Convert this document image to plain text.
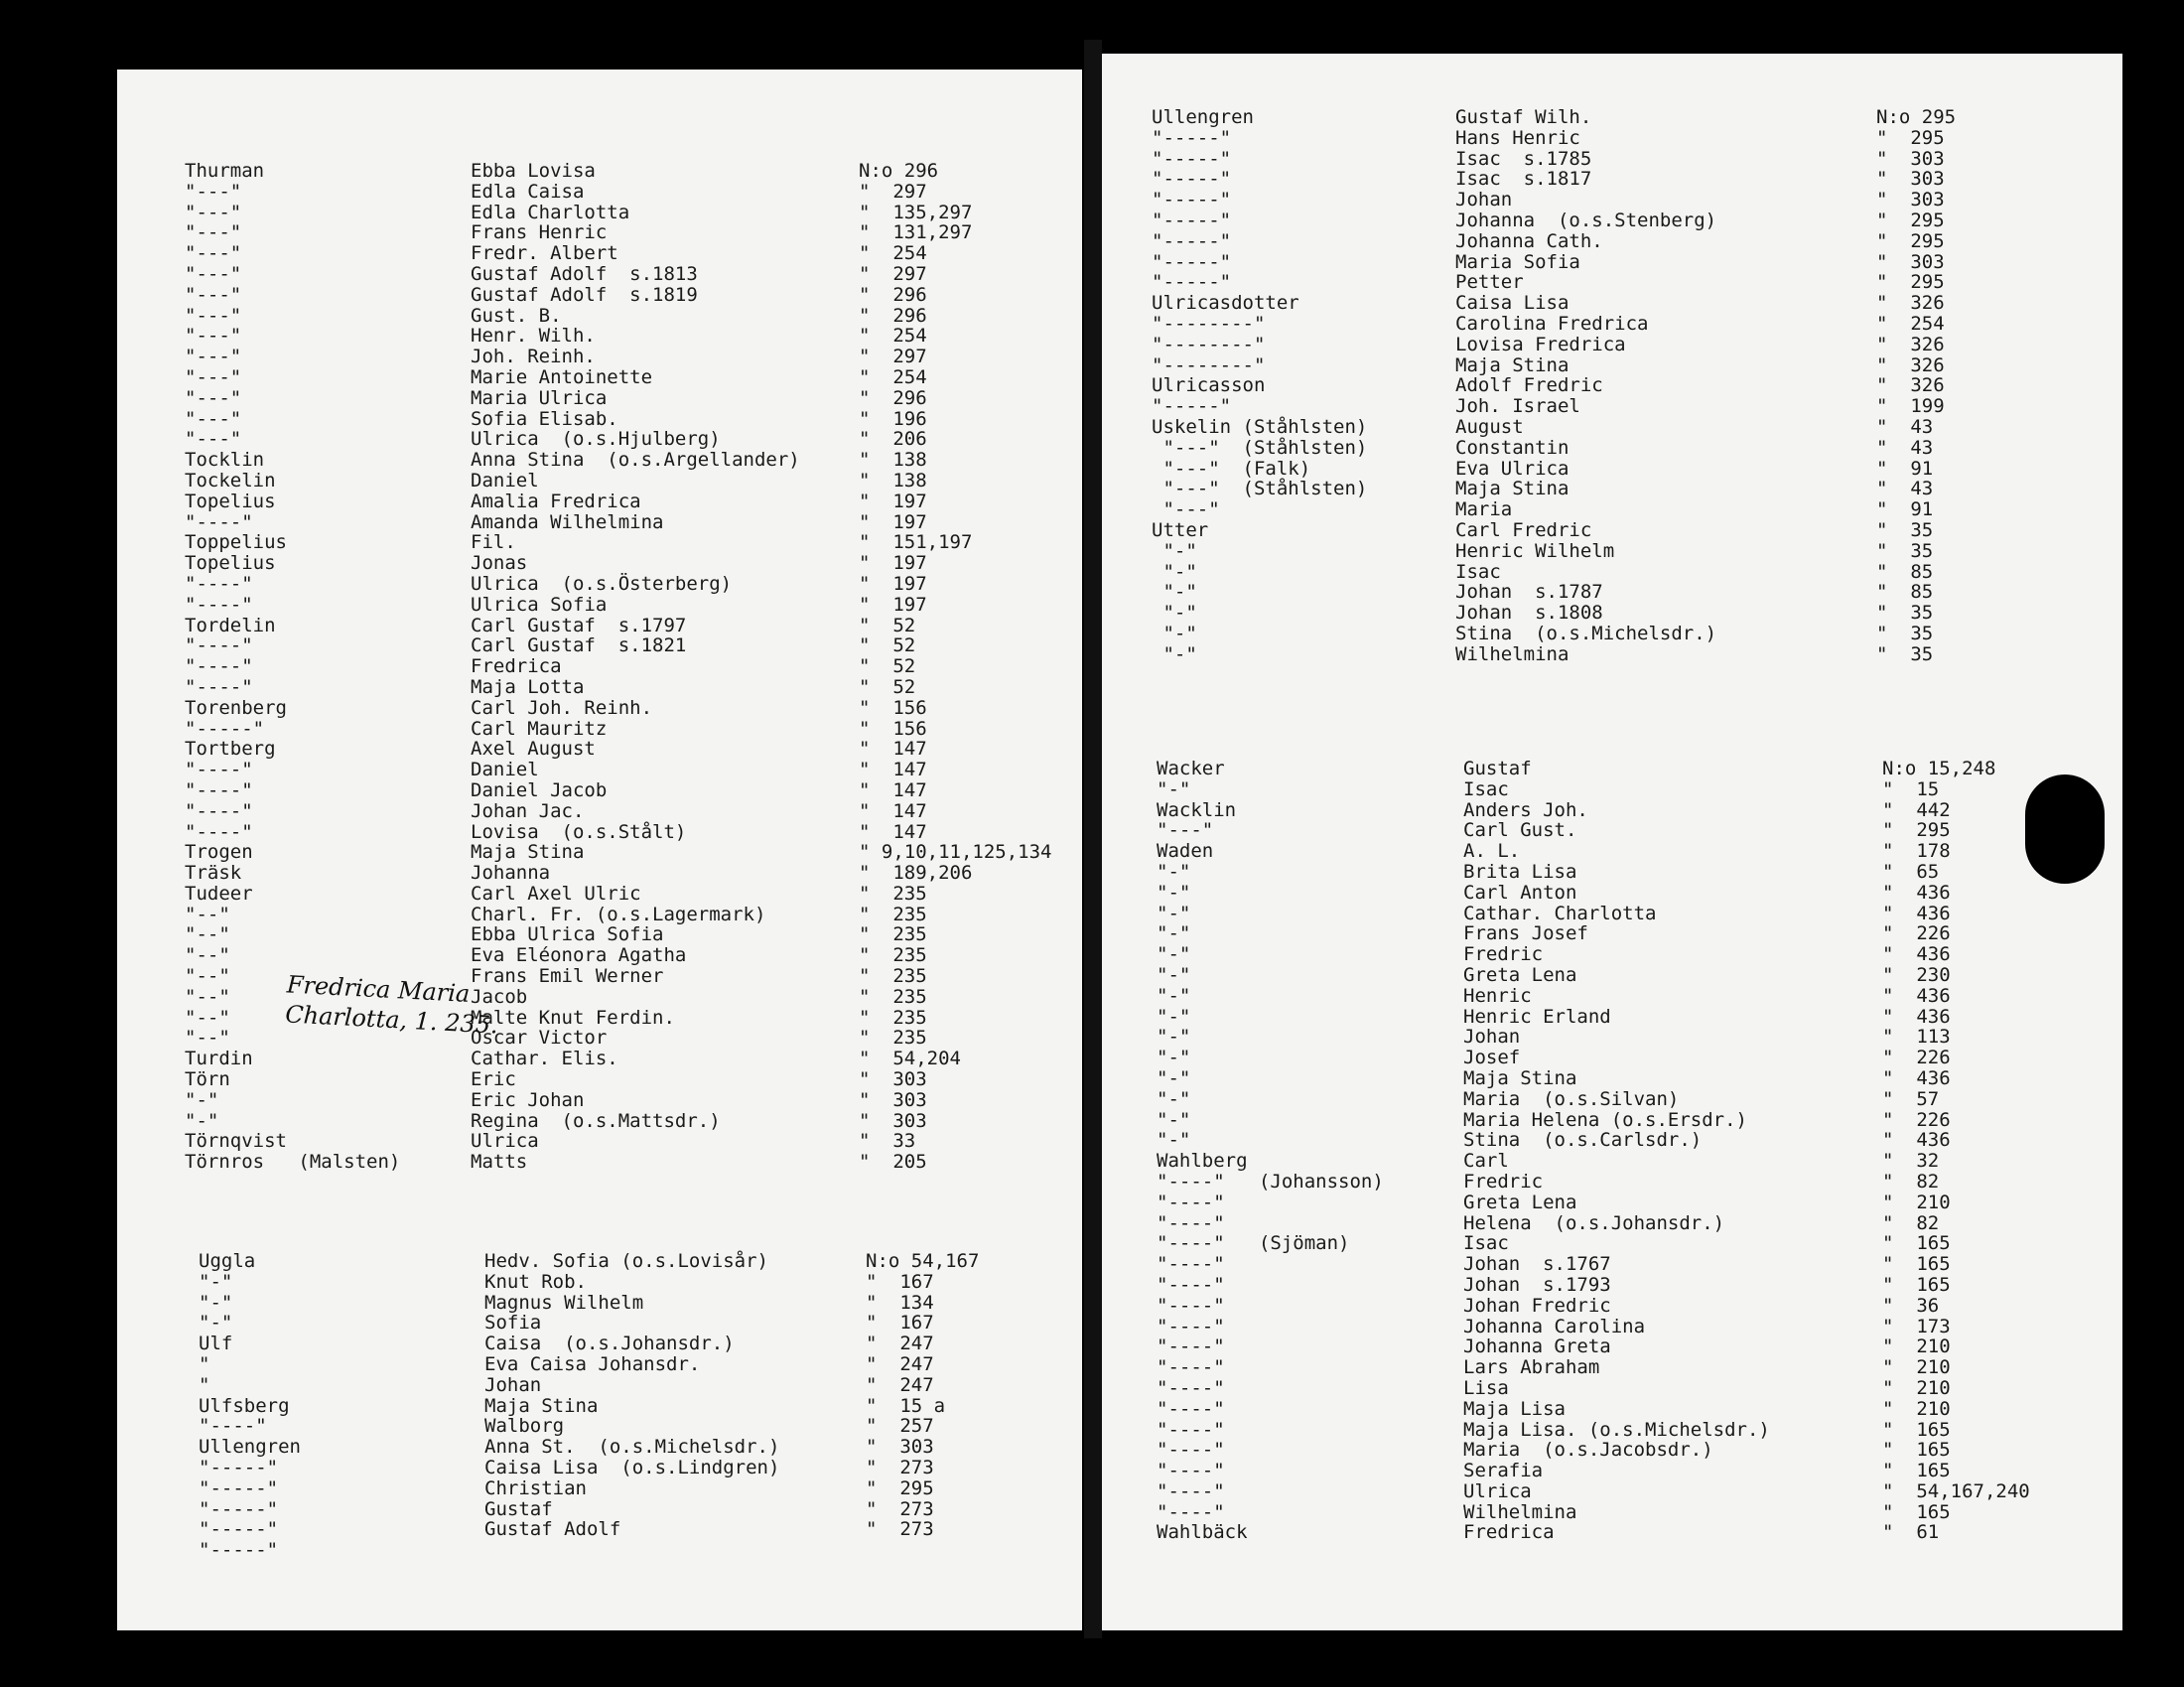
Thurman
"---"
"---"
"---"
"---"
"---"
"---"
"---"
"---"
"---"
"---"
"---"
"---"
"---"
Tocklin
Tockelin
Topelius
"----"
Toppelius
Topelius
"----"
"----"
Tordelin
"----"
"----"
"----"
Torenberg
"-----"
Tortberg
"----"
"----"
"----"
"----"
Trogen
Träsk
Tudeer
"--"
"--"
"--"
"--"
"--"
"--"
"--"
Turdin
Törn
"-"
"-"
Törnqvist
Törnros   (Malsten)
Ebba Lovisa
Edla Caisa
Edla Charlotta
Frans Henric
Fredr. Albert
Gustaf Adolf  s.1813
Gustaf Adolf  s.1819
Gust. B.
Henr. Wilh.
Joh. Reinh.
Marie Antoinette
Maria Ulrica
Sofia Elisab.
Ulrica  (o.s.Hjulberg)
Anna Stina  (o.s.Argellander)
Daniel
Amalia Fredrica
Amanda Wilhelmina
Fil.
Jonas
Ulrica  (o.s.Österberg)
Ulrica Sofia
Carl Gustaf  s.1797
Carl Gustaf  s.1821
Fredrica
Maja Lotta
Carl Joh. Reinh.
Carl Mauritz
Axel August
Daniel
Daniel Jacob
Johan Jac.
Lovisa  (o.s.Stålt)
Maja Stina
Johanna
Carl Axel Ulric
Charl. Fr. (o.s.Lagermark)
Ebba Ulrica Sofia
Eva Eléonora Agatha
Frans Emil Werner
Jacob
Malte Knut Ferdin.
Oscar Victor
Cathar. Elis.
Eric
Eric Johan
Regina  (o.s.Mattsdr.)
Ulrica
Matts
N:o 296
"  297
"  135,297
"  131,297
"  254
"  297
"  296
"  296
"  254
"  297
"  254
"  296
"  196
"  206
"  138
"  138
"  197
"  197
"  151,197
"  197
"  197
"  197
"  52
"  52
"  52
"  52
"  156
"  156
"  147
"  147
"  147
"  147
"  147
" 9,10,11,125,134
"  189,206
"  235
"  235
"  235
"  235
"  235
"  235
"  235
"  235
"  54,204
"  303
"  303
"  303
"  33
"  205
Uggla
"-"
"-"
"-"
Ulf
"
"
Ulfsberg
"----"
Ullengren
"-----"
"-----"
"-----"
"-----"
"-----"
Hedv. Sofia (o.s.Lovisår)
Knut Rob.
Magnus Wilhelm
Sofia
Caisa  (o.s.Johansdr.)
Eva Caisa Johansdr.
Johan
Maja Stina
Walborg
Anna St.  (o.s.Michelsdr.)
Caisa Lisa  (o.s.Lindgren)
Christian
Gustaf
Gustaf Adolf
N:o 54,167
"  167
"  134
"  167
"  247
"  247
"  247
"  15 a
"  257
"  303
"  273
"  295
"  273
"  273
Fredrica Maria
Charlotta, 1. 235.
Ullengren
"-----"
"-----"
"-----"
"-----"
"-----"
"-----"
"-----"
"-----"
Ulricasdotter
"--------"
"--------"
"--------"
Ulricasson
"-----"
Uskelin (Ståhlsten)
"---"  (Ståhlsten)
"---"  (Falk)
"---"  (Ståhlsten)
"---"
Utter
"-"
"-"
"-"
"-"
"-"
"-"
Gustaf Wilh.
Hans Henric
Isac  s.1785
Isac  s.1817
Johan
Johanna  (o.s.Stenberg)
Johanna Cath.
Maria Sofia
Petter
Caisa Lisa
Carolina Fredrica
Lovisa Fredrica
Maja Stina
Adolf Fredric
Joh. Israel
August
Constantin
Eva Ulrica
Maja Stina
Maria
Carl Fredric
Henric Wilhelm
Isac
Johan  s.1787
Johan  s.1808
Stina  (o.s.Michelsdr.)
Wilhelmina
N:o 295
"  295
"  303
"  303
"  303
"  295
"  295
"  303
"  295
"  326
"  254
"  326
"  326
"  326
"  199
"  43
"  43
"  91
"  43
"  91
"  35
"  35
"  85
"  85
"  35
"  35
"  35
Wacker
"-"
Wacklin
"---"
Waden
"-"
"-"
"-"
"-"
"-"
"-"
"-"
"-"
"-"
"-"
"-"
"-"
"-"
"-"
Wahlberg
"----"   (Johansson)
"----"
"----"
"----"   (Sjöman)
"----"
"----"
"----"
"----"
"----"
"----"
"----"
"----"
"----"
"----"
"----"
"----"
"----"
Wahlbäck
Gustaf
Isac
Anders Joh.
Carl Gust.
A. L.
Brita Lisa
Carl Anton
Cathar. Charlotta
Frans Josef
Fredric
Greta Lena
Henric
Henric Erland
Johan
Josef
Maja Stina
Maria  (o.s.Silvan)
Maria Helena (o.s.Ersdr.)
Stina  (o.s.Carlsdr.)
Carl
Fredric
Greta Lena
Helena  (o.s.Johansdr.)
Isac
Johan  s.1767
Johan  s.1793
Johan Fredric
Johanna Carolina
Johanna Greta
Lars Abraham
Lisa
Maja Lisa
Maja Lisa. (o.s.Michelsdr.)
Maria  (o.s.Jacobsdr.)
Serafia
Ulrica
Wilhelmina
Fredrica
N:o 15,248
"  15
"  442
"  295
"  178
"  65
"  436
"  436
"  226
"  436
"  230
"  436
"  436
"  113
"  226
"  436
"  57
"  226
"  436
"  32
"  82
"  210
"  82
"  165
"  165
"  165
"  36
"  173
"  210
"  210
"  210
"  210
"  165
"  165
"  165
"  54,167,240
"  165
"  61
